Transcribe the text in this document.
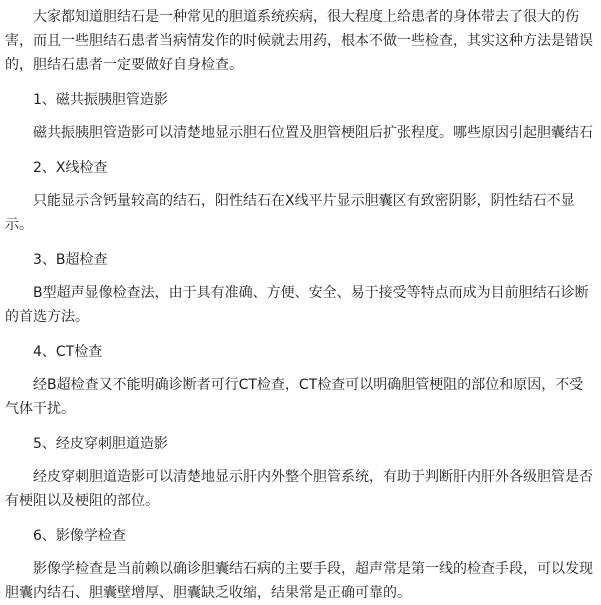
大家都知道胆结石是一种常见的胆道系统疾病，很大程度上给患者的身体带去了很大的伤害，而且一些胆结石患者当病情发作的时候就去用药，根本不做一些检查，其实这种方法是错误的，胆结石患者一定要做好自身检查。

1、磁共振胰胆管造影

磁共振胰胆管造影可以清楚地显示胆石位置及胆管梗阻后扩张程度。哪些原因引起胆囊结石

2、X线检查

只能显示含钙量较高的结石，阳性结石在X线平片显示胆囊区有致密阴影，阴性结石不显示。

3、B超检查

B型超声显像检查法，由于具有准确、方便、安全、易于接受等特点而成为目前胆结石诊断的首选方法。

4、CT检查

经B超检查又不能明确诊断者可行CT检查，CT检查可以明确胆管梗阻的部位和原因，不受气体干扰。

5、经皮穿刺胆道造影

经皮穿刺胆道造影可以清楚地显示肝内外整个胆管系统，有助于判断肝内肝外各级胆管是否有梗阻以及梗阻的部位。

6、影像学检查

影像学检查是当前赖以确诊胆囊结石病的主要手段，超声常是第一线的检查手段，可以发现胆囊内结石、胆囊壁增厚、胆囊缺乏收缩，结果常是正确可靠的。
